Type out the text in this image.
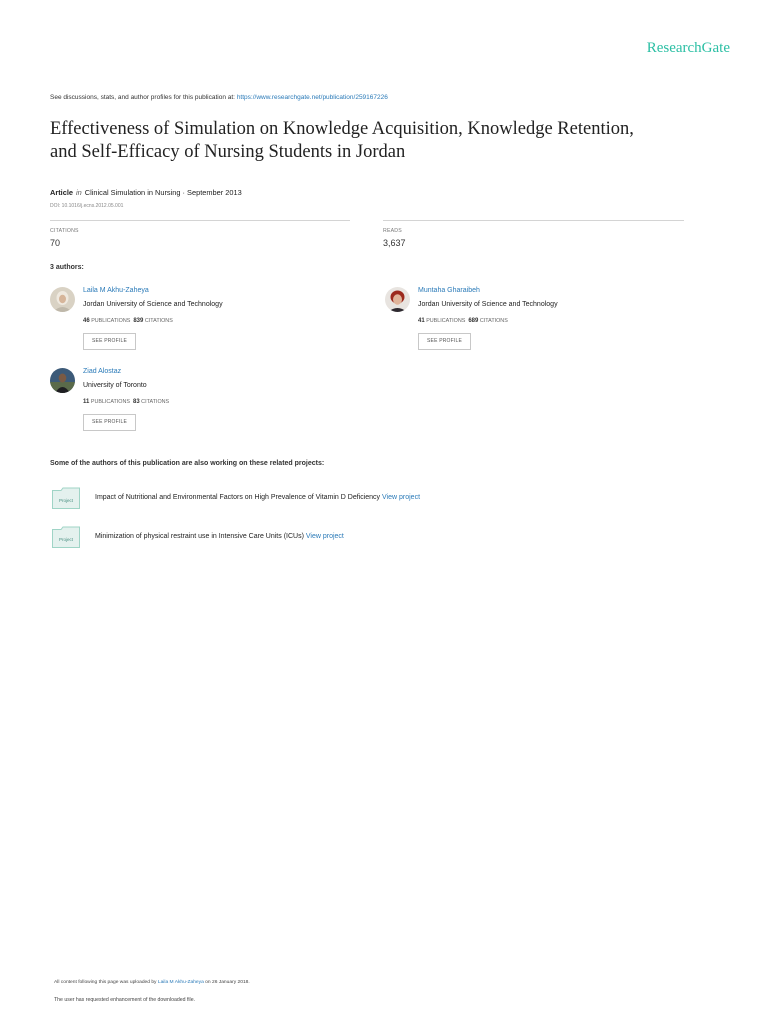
ResearchGate
See discussions, stats, and author profiles for this publication at: https://www.researchgate.net/publication/259167226
Effectiveness of Simulation on Knowledge Acquisition, Knowledge Retention,
and Self-Efficacy of Nursing Students in Jordan
Article in Clinical Simulation in Nursing · September 2013
DOI: 10.1016/j.ecns.2012.05.001
CITATIONS
70
READS
3,637
3 authors:
Laila M Akhu-Zaheya
Jordan University of Science and Technology
46 PUBLICATIONS 839 CITATIONS
SEE PROFILE
Muntaha Gharaibeh
Jordan University of Science and Technology
41 PUBLICATIONS 689 CITATIONS
SEE PROFILE
Ziad Alostaz
University of Toronto
11 PUBLICATIONS 83 CITATIONS
SEE PROFILE
Some of the authors of this publication are also working on these related projects:
Project	Impact of Nutritional and Environmental Factors on High Prevalence of Vitamin D Deficiency View project
Project	Minimization of physical restraint use in Intensive Care Units (ICUs) View project
All content following this page was uploaded by Laila M Akhu-Zaheya on 26 January 2018.
The user has requested enhancement of the downloaded file.
